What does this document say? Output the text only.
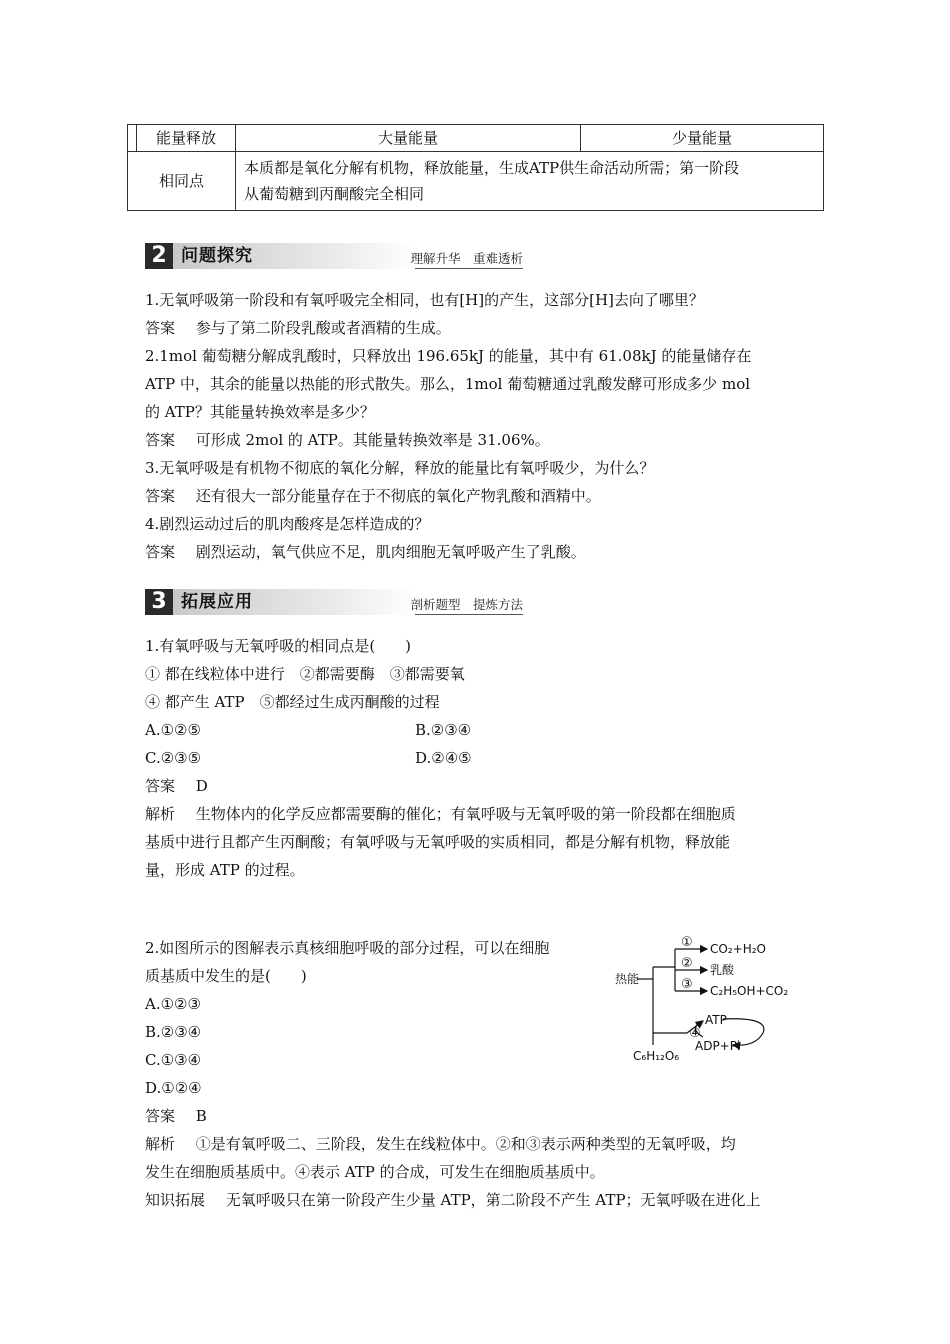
	能量释放	大量能量	少量能量
相同点		本质都是氧化分解有机物，释放能量，生成ATP供生命活动所需；第一阶段
从葡萄糖到丙酮酸完全相同	
2 问题探究	理解升华　重难透析
1.无氧呼吸第一阶段和有氧呼吸完全相同，也有[H]的产生，这部分[H]去向了哪里？
答案 参与了第二阶段乳酸或者酒精的生成。
2.1mol 葡萄糖分解成乳酸时，只释放出 196.65kJ 的能量，其中有 61.08kJ 的能量储存在
ATP 中，其余的能量以热能的形式散失。那么，1mol 葡萄糖通过乳酸发酵可形成多少 mol
的 ATP？其能量转换效率是多少？
答案 可形成 2mol 的 ATP。其能量转换效率是 31.06%。
3.无氧呼吸是有机物不彻底的氧化分解，释放的能量比有氧呼吸少，为什么？
答案 还有很大一部分能量存在于不彻底的氧化产物乳酸和酒精中。
4.剧烈运动过后的肌肉酸疼是怎样造成的？
答案 剧烈运动，氧气供应不足，肌肉细胞无氧呼吸产生了乳酸。
3 拓展应用	剖析题型　提炼方法
1.有氧呼吸与无氧呼吸的相同点是(　　)
① 都在线粒体中进行　②都需要酶　③都需要氧
④ 都产生 ATP　⑤都经过生成丙酮酸的过程
A.①②⑤	B.②③④
C.②③⑤	D.②④⑤
答案 D
解析 生物体内的化学反应都需要酶的催化；有氧呼吸与无氧呼吸的第一阶段都在细胞质
基质中进行且都产生丙酮酸；有氧呼吸与无氧呼吸的实质相同，都是分解有机物，释放能
量，形成 ATP 的过程。
2.如图所示的图解表示真核细胞呼吸的部分过程，可以在细胞
质基质中发生的是(　　)
A.①②③
B.②③④
C.①③④
D.①②④
答案 B
解析 ①是有氧呼吸二、三阶段，发生在线粒体中。②和③表示两种类型的无氧呼吸，均
发生在细胞质基质中。④表示 ATP 的合成，可发生在细胞质基质中。
知识拓展 无氧呼吸只在第一阶段产生少量 ATP，第二阶段不产生 ATP；无氧呼吸在进化上
①
②
③
④
CO₂+H₂O
乳酸
C₂H₅OH+CO₂
热能
ATP
ADP+Pi
C₆H₁₂O₆
